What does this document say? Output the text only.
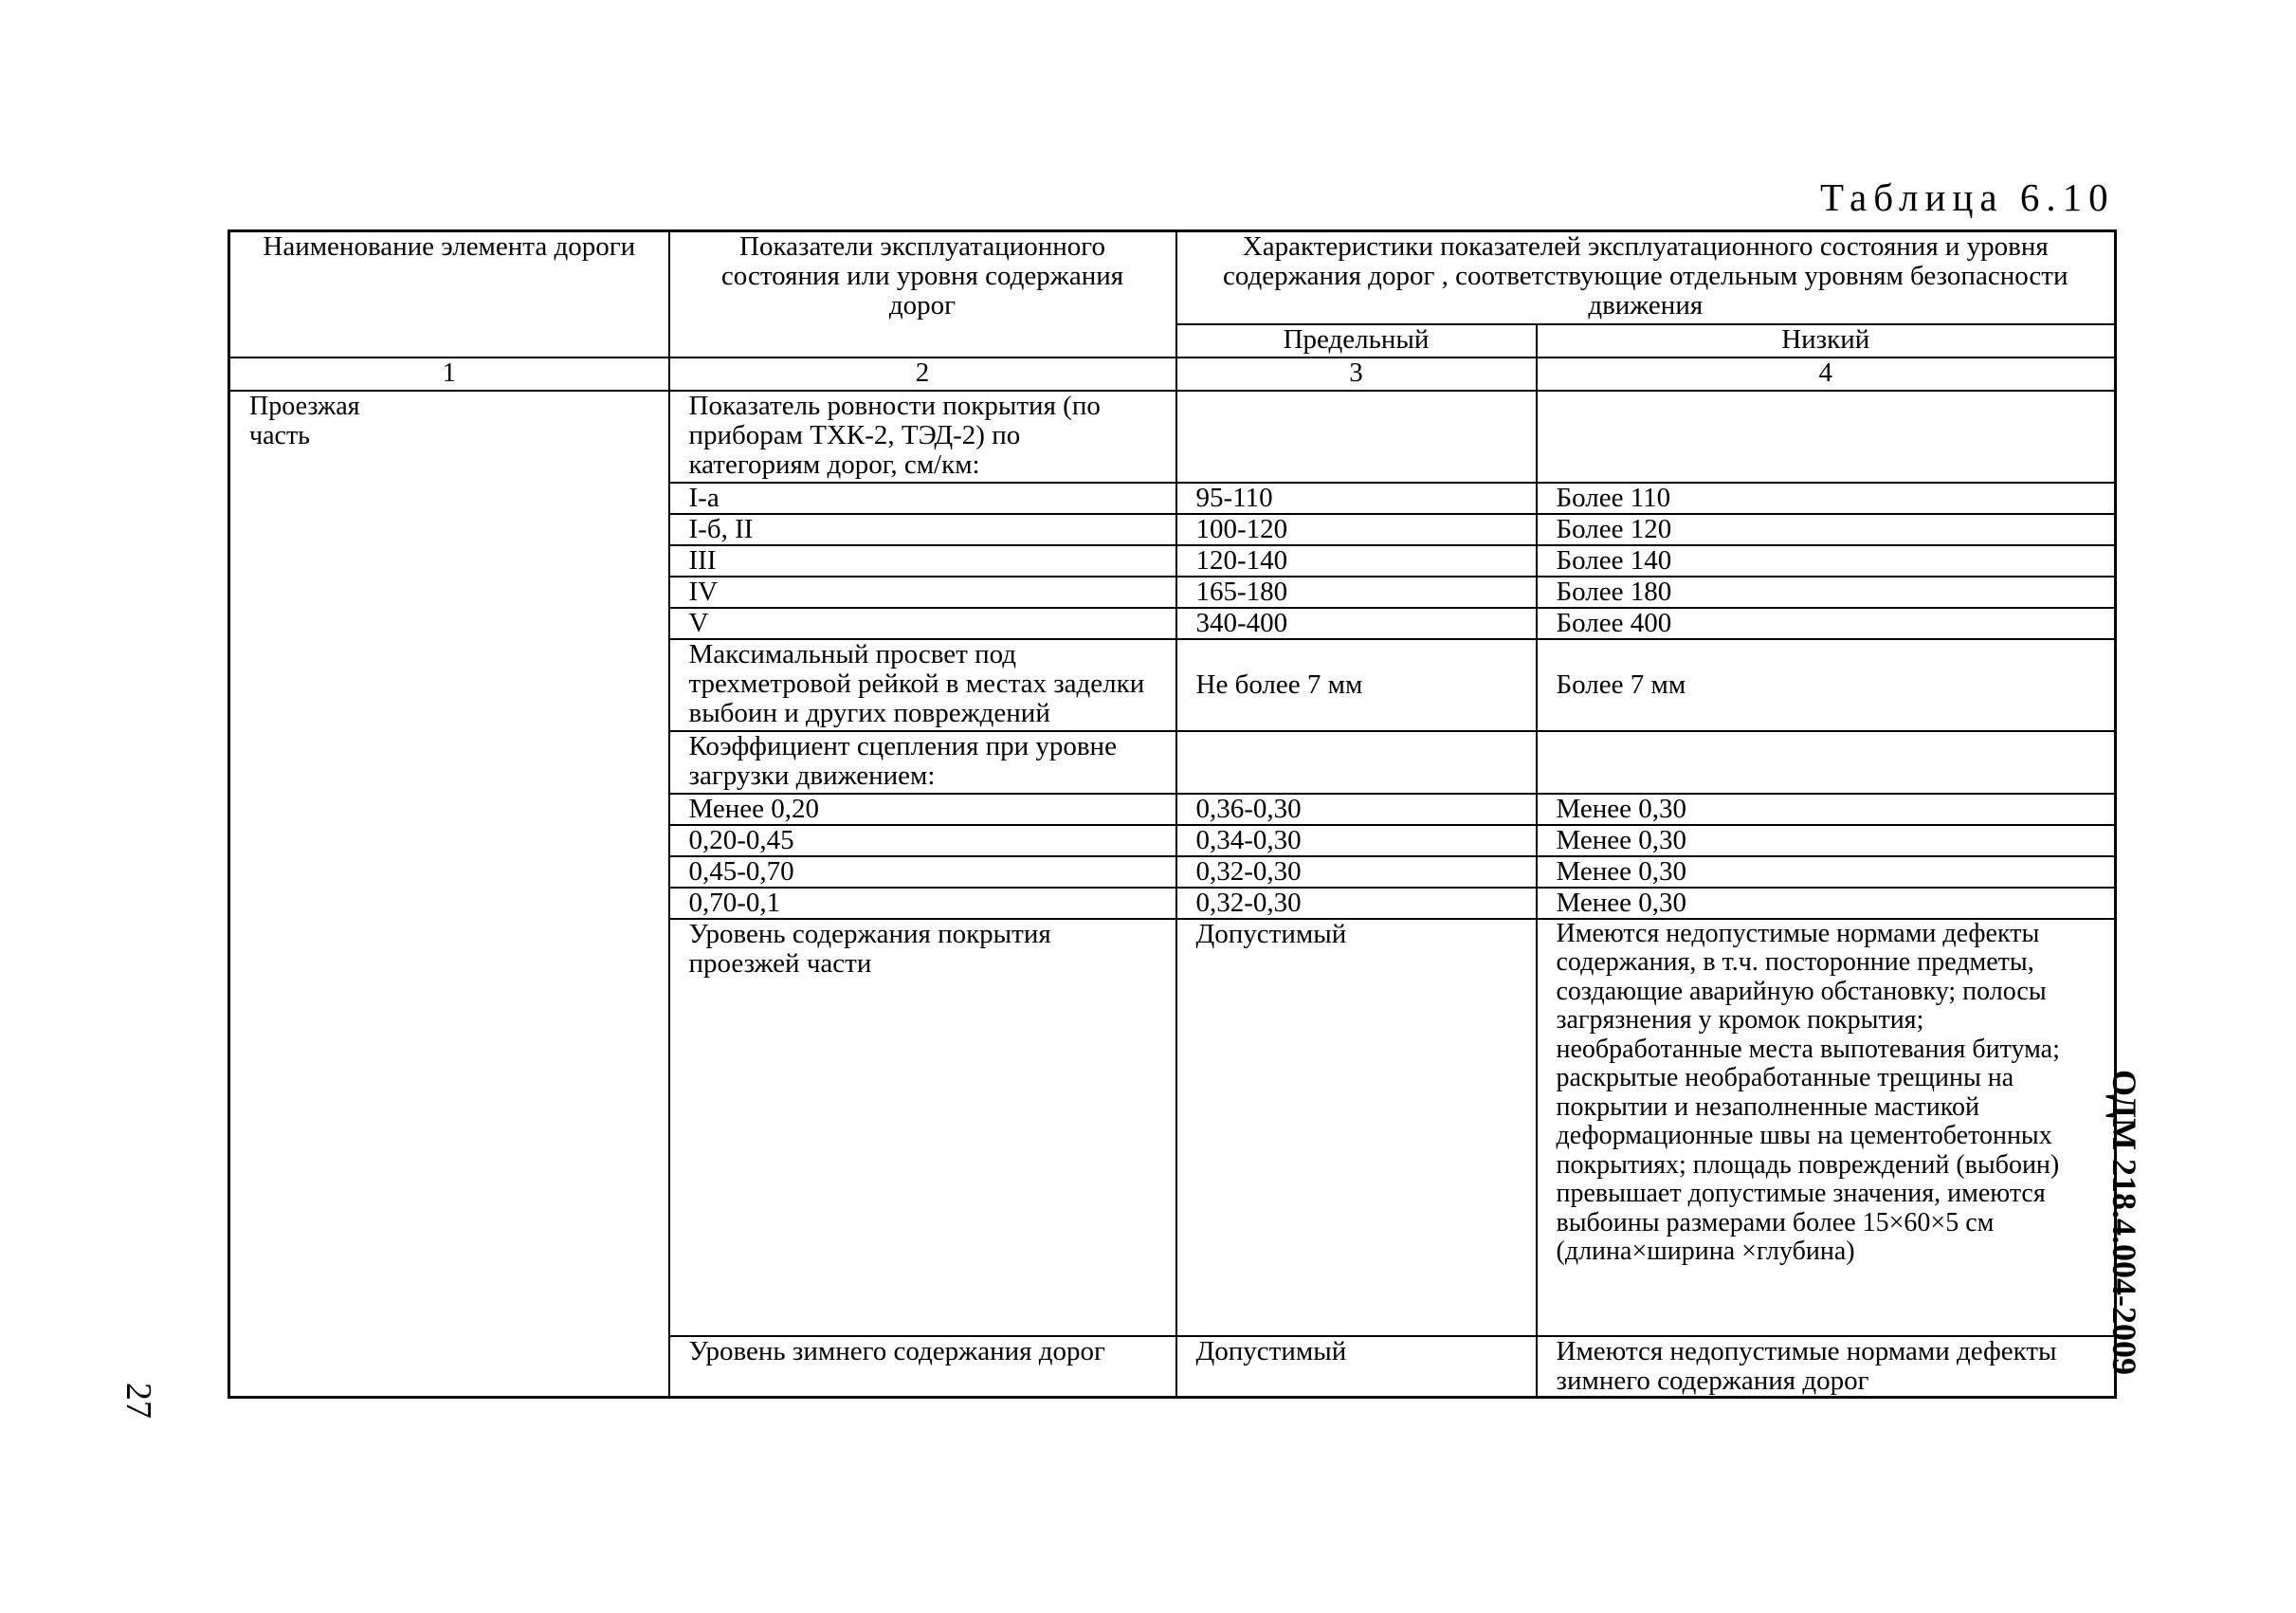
Таблица 6.10
Наименование элемента дороги	Показатели эксплуатационного состояния или уровня содержания дорог	Характеристики показателей эксплуатационного состояния и уровня содержания дорог , соответствующие отдельным уровням безопасности движения	
		Предельный	Низкий
1	2	3	4
Проезжая часть	Показатель ровности покрытия (по приборам ТХК-2, ТЭД-2) по категориям дорог, см/км:		
	I-а	95-110	Более 110
	I-б, II	100-120	Более 120
	III	120-140	Более 140
	IV	165-180	Более 180
	V	340-400	Более 400
	Максимальный просвет под трехметровой рейкой в местах заделки выбоин и других повреждений	Не более 7 мм	Более 7 мм
	Коэффициент сцепления при уровне загрузки движением:		
	Менее 0,20	0,36-0,30	Менее 0,30
	0,20-0,45	0,34-0,30	Менее 0,30
	0,45-0,70	0,32-0,30	Менее 0,30
	0,70-0,1	0,32-0,30	Менее 0,30
	Уровень содержания покрытия проезжей части	Допустимый	Имеются недопустимые нормами дефекты содержания, в т.ч. посторонние предметы, создающие аварийную обстановку; полосы загрязнения у кромок покрытия; необработанные места выпотевания битума; раскрытые необработанные трещины на покрытии и незаполненные мастикой деформационные швы на цементобетонных покрытиях; площадь повреждений (выбоин) превышает допустимые значения, имеются выбоины размерами более 15×60×5 см (длина×ширина ×глубина)
	Уровень зимнего содержания дорог	Допустимый	Имеются недопустимые нормами дефекты зимнего содержания дорог
27
ОДМ 218.4.004-2009
